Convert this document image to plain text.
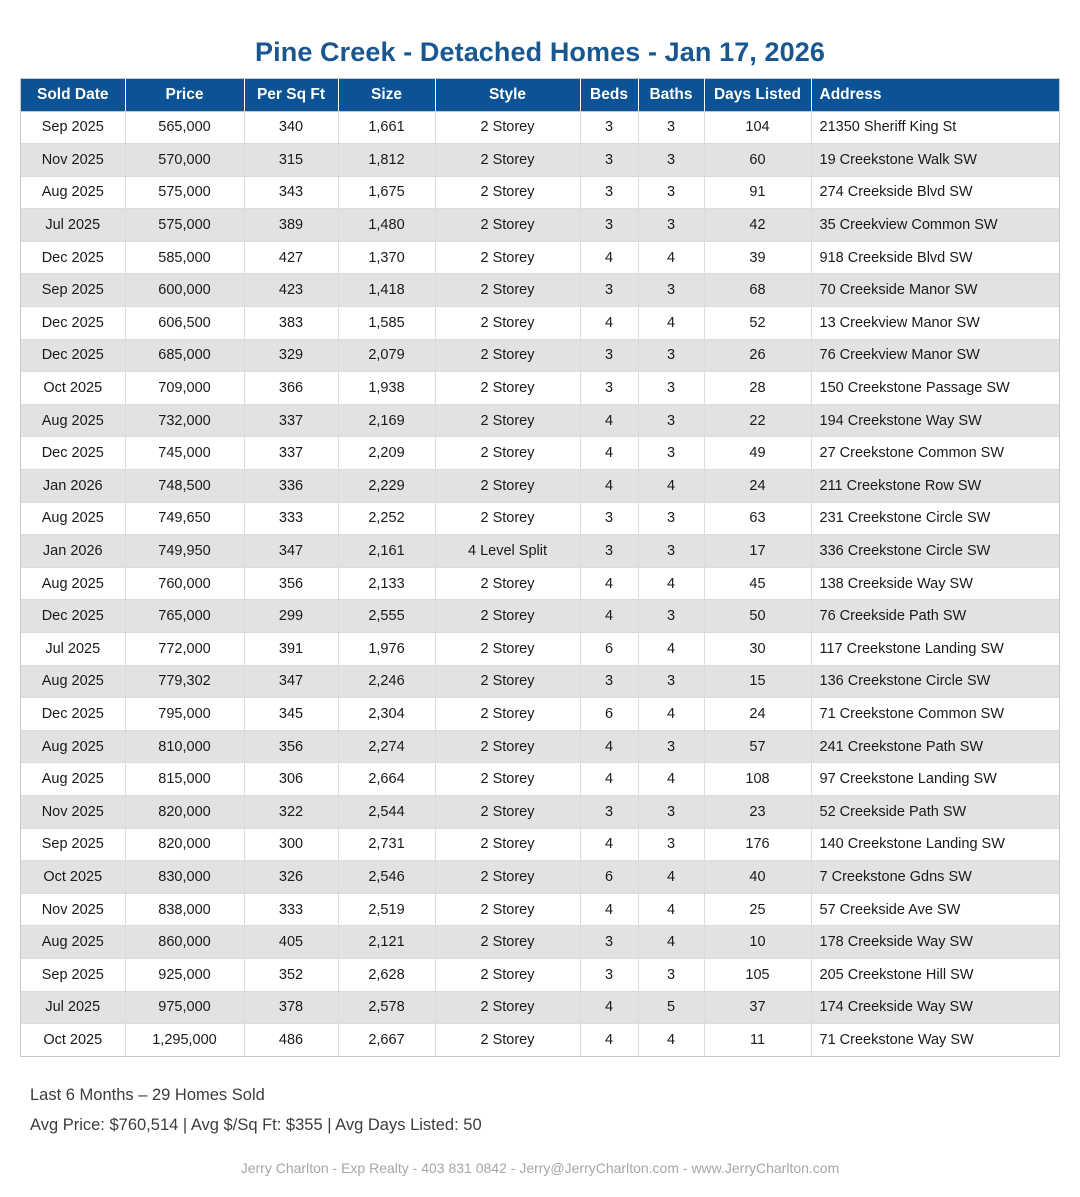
Pine Creek - Detached Homes - Jan 17, 2026
Sold Date	Price	Per Sq Ft	Size	Style	Beds	Baths	Days Listed	Address
Sep 2025	565,000	340	1,661	2 Storey	3	3	104	21350 Sheriff King St
Nov 2025	570,000	315	1,812	2 Storey	3	3	60	19 Creekstone Walk SW
Aug 2025	575,000	343	1,675	2 Storey	3	3	91	274 Creekside Blvd SW
Jul 2025	575,000	389	1,480	2 Storey	3	3	42	35 Creekview Common SW
Dec 2025	585,000	427	1,370	2 Storey	4	4	39	918 Creekside Blvd SW
Sep 2025	600,000	423	1,418	2 Storey	3	3	68	70 Creekside Manor SW
Dec 2025	606,500	383	1,585	2 Storey	4	4	52	13 Creekview Manor SW
Dec 2025	685,000	329	2,079	2 Storey	3	3	26	76 Creekview Manor SW
Oct 2025	709,000	366	1,938	2 Storey	3	3	28	150 Creekstone Passage SW
Aug 2025	732,000	337	2,169	2 Storey	4	3	22	194 Creekstone Way SW
Dec 2025	745,000	337	2,209	2 Storey	4	3	49	27 Creekstone Common SW
Jan 2026	748,500	336	2,229	2 Storey	4	4	24	211 Creekstone Row SW
Aug 2025	749,650	333	2,252	2 Storey	3	3	63	231 Creekstone Circle SW
Jan 2026	749,950	347	2,161	4 Level Split	3	3	17	336 Creekstone Circle SW
Aug 2025	760,000	356	2,133	2 Storey	4	4	45	138 Creekside Way SW
Dec 2025	765,000	299	2,555	2 Storey	4	3	50	76 Creekside Path SW
Jul 2025	772,000	391	1,976	2 Storey	6	4	30	117 Creekstone Landing SW
Aug 2025	779,302	347	2,246	2 Storey	3	3	15	136 Creekstone Circle SW
Dec 2025	795,000	345	2,304	2 Storey	6	4	24	71 Creekstone Common SW
Aug 2025	810,000	356	2,274	2 Storey	4	3	57	241 Creekstone Path SW
Aug 2025	815,000	306	2,664	2 Storey	4	4	108	97 Creekstone Landing SW
Nov 2025	820,000	322	2,544	2 Storey	3	3	23	52 Creekside Path SW
Sep 2025	820,000	300	2,731	2 Storey	4	3	176	140 Creekstone Landing SW
Oct 2025	830,000	326	2,546	2 Storey	6	4	40	7 Creekstone Gdns SW
Nov 2025	838,000	333	2,519	2 Storey	4	4	25	57 Creekside Ave SW
Aug 2025	860,000	405	2,121	2 Storey	3	4	10	178 Creekside Way SW
Sep 2025	925,000	352	2,628	2 Storey	3	3	105	205 Creekstone Hill SW
Jul 2025	975,000	378	2,578	2 Storey	4	5	37	174 Creekside Way SW
Oct 2025	1,295,000	486	2,667	2 Storey	4	4	11	71 Creekstone Way SW
Last 6 Months – 29 Homes Sold
Avg Price: $760,514 | Avg $/Sq Ft: $355 | Avg Days Listed: 50
Jerry Charlton - Exp Realty - 403 831 0842 - Jerry@JerryCharlton.com - www.JerryCharlton.com
